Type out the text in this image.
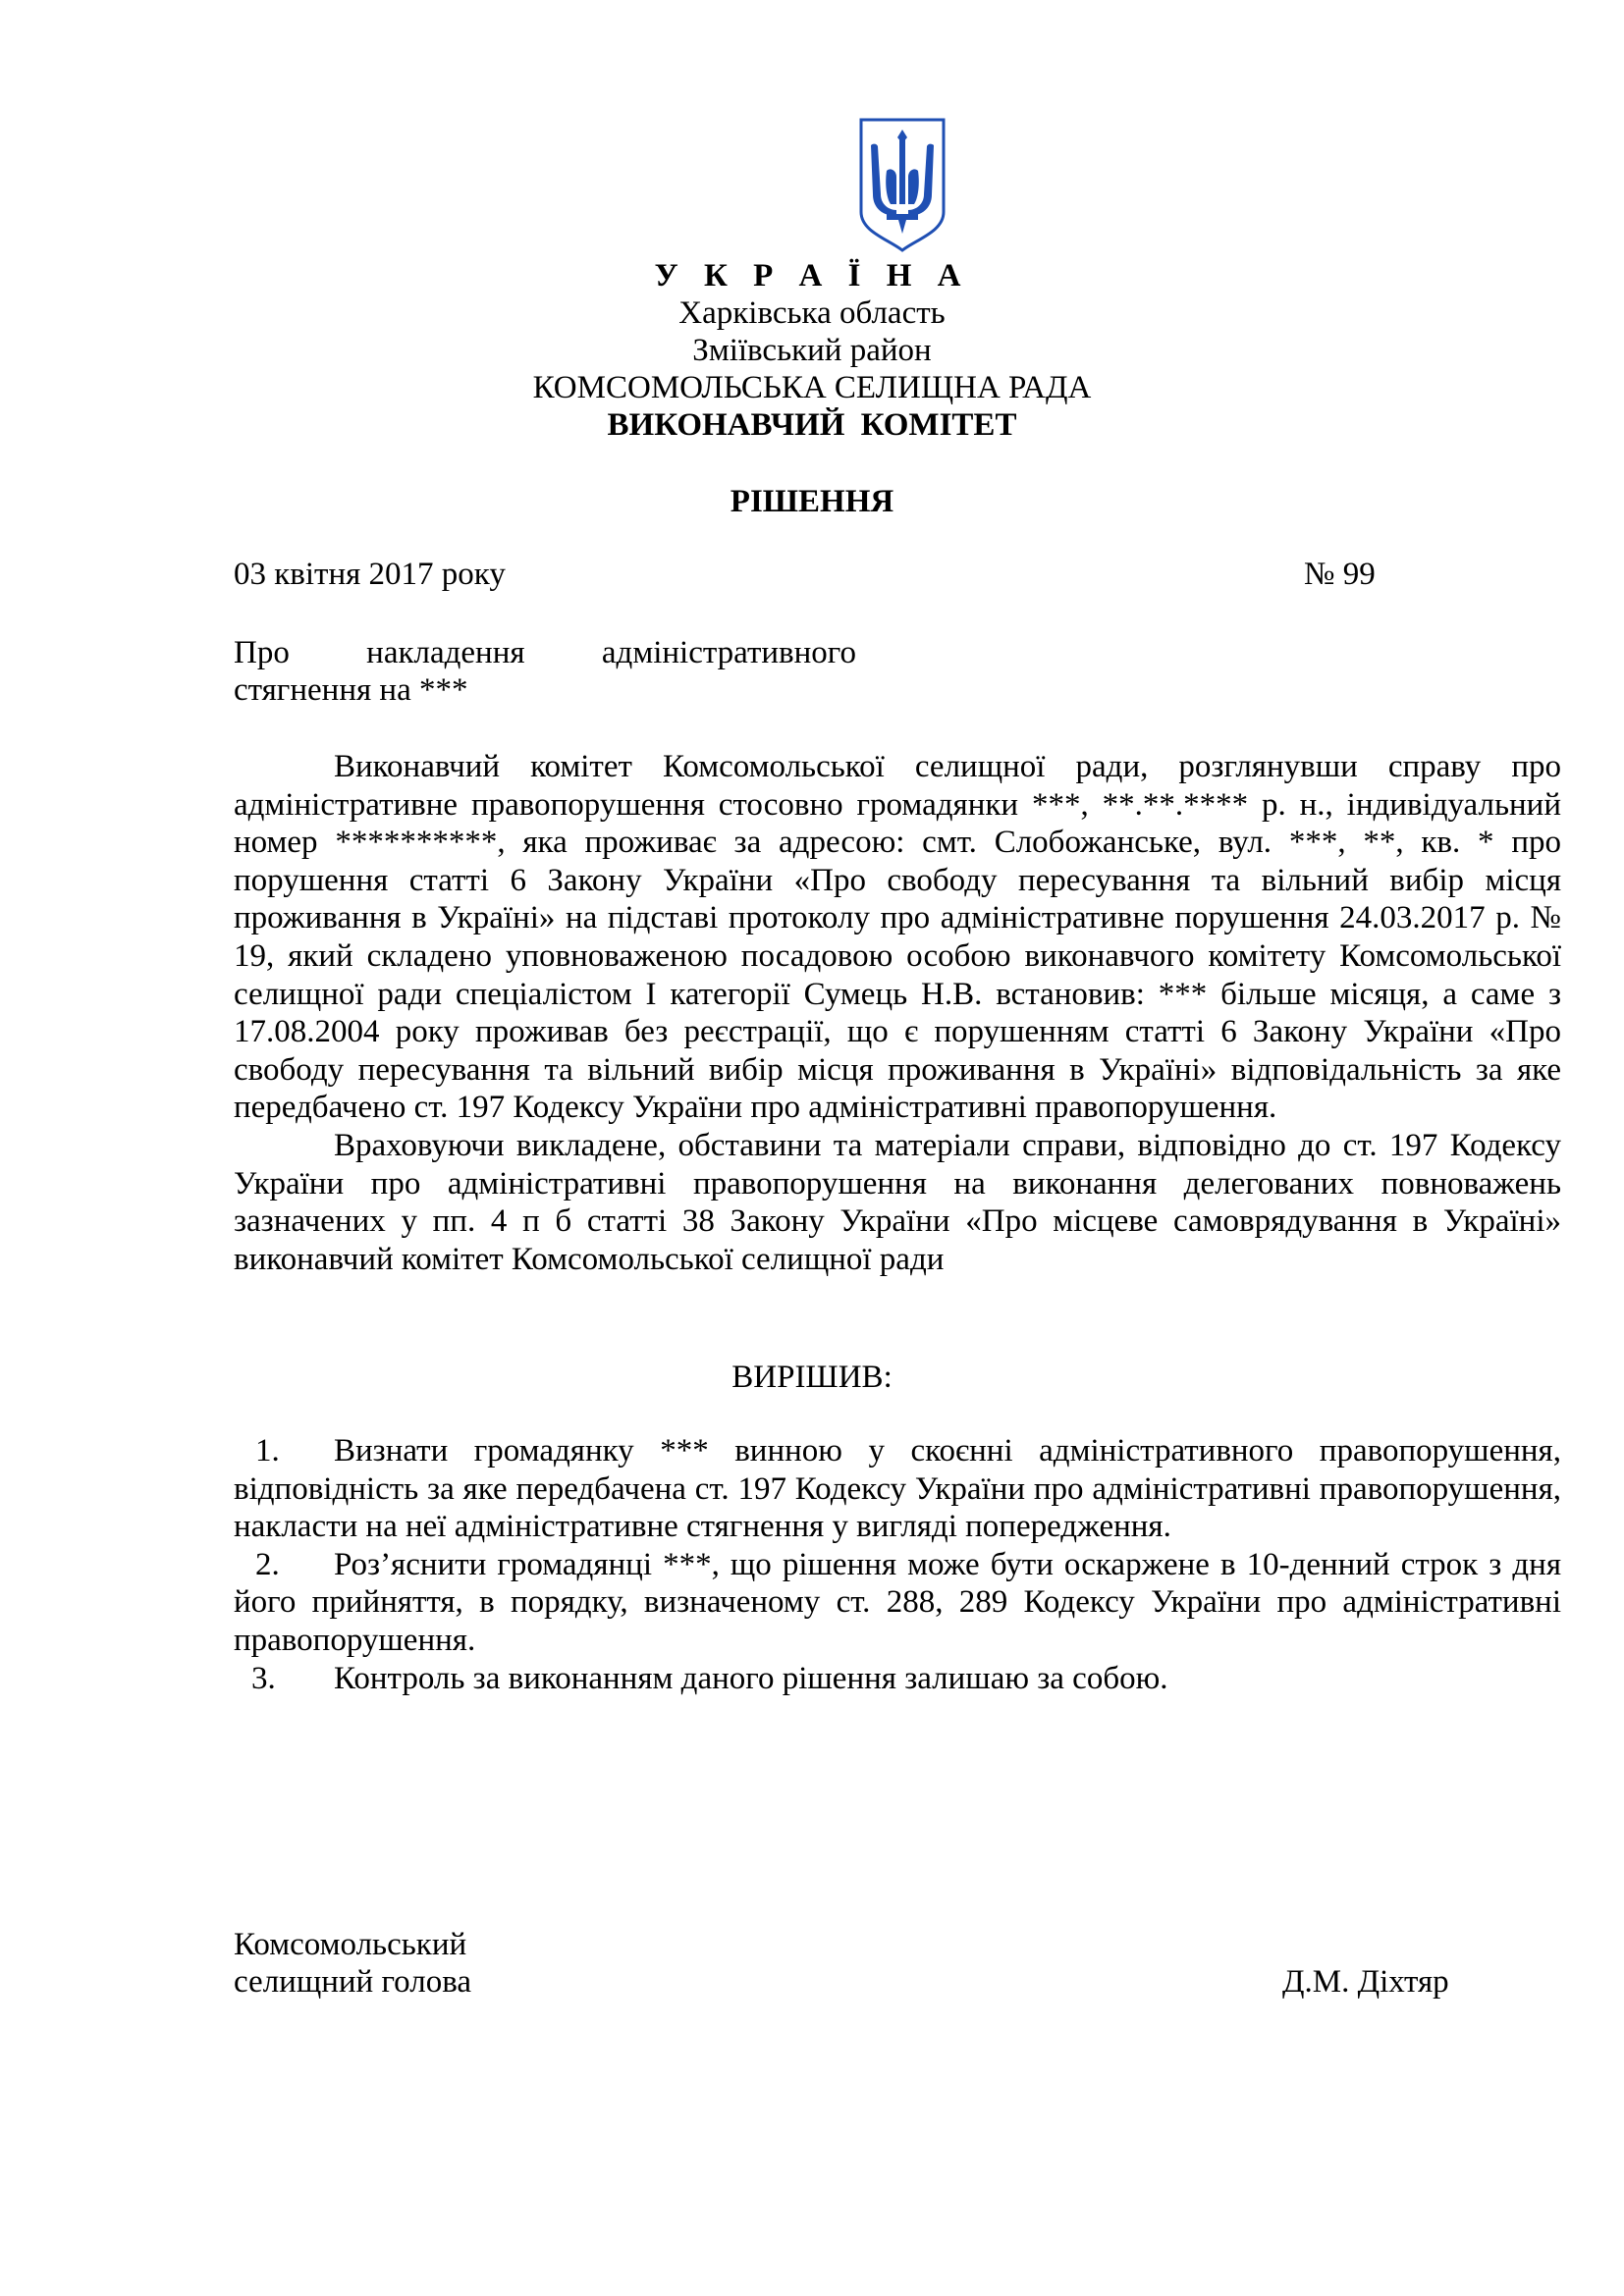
У К Р А Ї Н А
Харківська область
Зміївський район
КОМСОМОЛЬСЬКА СЕЛИЩНА РАДА
ВИКОНАВЧИЙ КОМІТЕТ
РІШЕННЯ
03 квітня 2017 року	№ 99
Про накладення адміністративного
стягнення на ***

Виконавчий комітет Комсомольської селищної ради, розглянувши справу про адміністративне правопорушення стосовно громадянки ***, **.**.**** р. н., індивідуальний номер **********, яка проживає за адресою: смт. Слобожанське, вул. ***, **, кв. * про порушення статті 6 Закону України «Про свободу пересування та вільний вибір місця проживання в Україні» на підставі протоколу про адміністративне порушення 24.03.2017 р. № 19, який складено уповноваженою посадовою особою виконавчого комітету Комсомольської селищної ради спеціалістом І категорії Сумець Н.В. встановив: *** більше місяця, а саме з 17.08.2004 року проживав без реєстрації, що є порушенням статті 6 Закону України «Про свободу пересування та вільний вибір місця проживання в Україні» відповідальність за яке передбачено ст. 197 Кодексу України про адміністративні правопорушення.

Враховуючи викладене, обставини та матеріали справи, відповідно до ст. 197 Кодексу України про адміністративні правопорушення на виконання делегованих повноважень зазначених у пп. 4 п б статті 38 Закону України «Про місцеве самоврядування в Україні» виконавчий комітет Комсомольської селищної ради

ВИРІШИВ:
1. Визнати громадянку *** винною у скоєнні адміністративного правопорушення, відповідність за яке передбачена ст. 197 Кодексу України про адміністративні правопорушення, накласти на неї адміністративне стягнення у вигляді попередження.
2. Роз’яснити громадянці ***, що рішення може бути оскаржене в 10-денний строк з дня його прийняття, в порядку, визначеному ст. 288, 289 Кодексу України про адміністративні правопорушення.
3. Контроль за виконанням даного рішення залишаю за собою.
Комсомольський
селищний голова	Д.М. Діхтяр
